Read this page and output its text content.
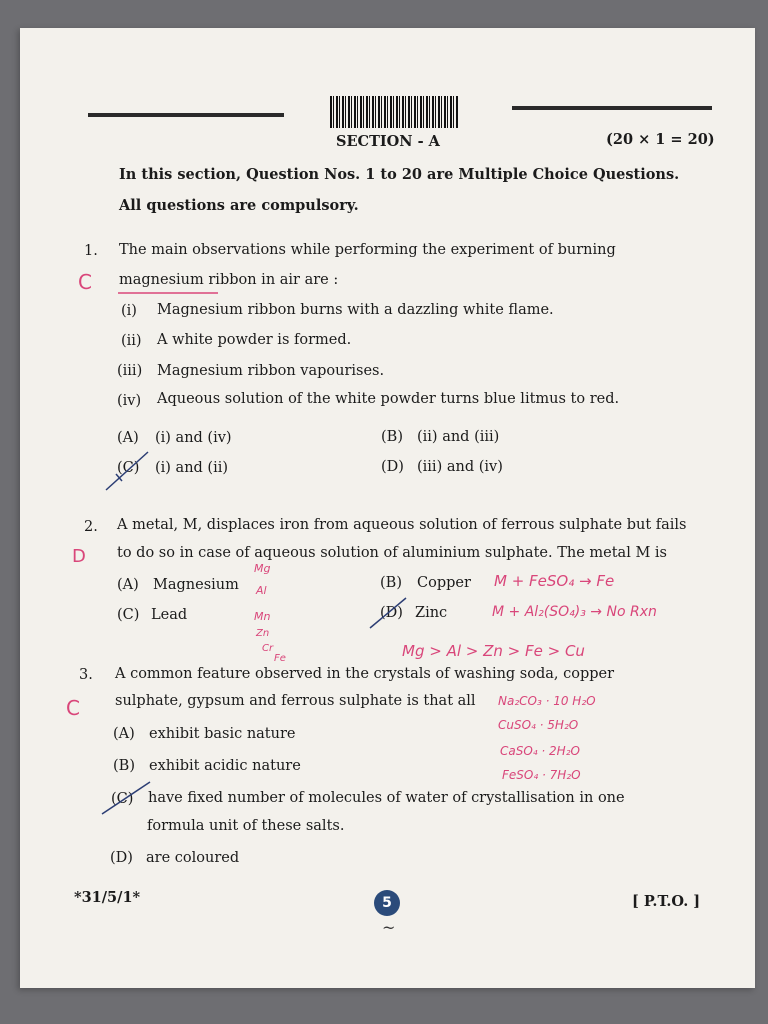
SECTION - A	(20 × 1 = 20)
In this section, Question Nos. 1 to 20 are Multiple Choice Questions.
All questions are compulsory.
1. The main observations while performing the experiment of burning
C magnesium ribbon in air are :
(i) Magnesium ribbon burns with a dazzling white flame.
(ii) A white powder is formed.
(iii) Magnesium ribbon vapourises.
(iv) Aqueous solution of the white powder turns blue litmus to red.
(A) (i) and (iv)	(B) (ii) and (iii)
(C) (i) and (ii)	(D) (iii) and (iv)
2. A metal, M, displaces iron from aqueous solution of ferrous sulphate but fails
D to do so in case of aqueous solution of aluminium sulphate. The metal M is
(A) Magnesium	(B) Copper
(C) Lead	(D) Zinc
Mg
Al
Mn
Zn
Cr
Fe
M + FeSO₄ → Fe
M + Al₂(SO₄)₃ → No Rxn
Mg > Al > Zn > Fe > Cu
3. A common feature observed in the crystals of washing soda, copper
C sulphate, gypsum and ferrous sulphate is that all Na₂CO₃ · 10 H₂O
CuSO₄ · 5H₂O
CaSO₄ · 2H₂O
FeSO₄ · 7H₂O
(A) exhibit basic nature
(B) exhibit acidic nature
(C) have fixed number of molecules of water of crystallisation in one
formula unit of these salts.
(D) are coloured
*31/5/1*	5
~
[ P.T.O. ]
